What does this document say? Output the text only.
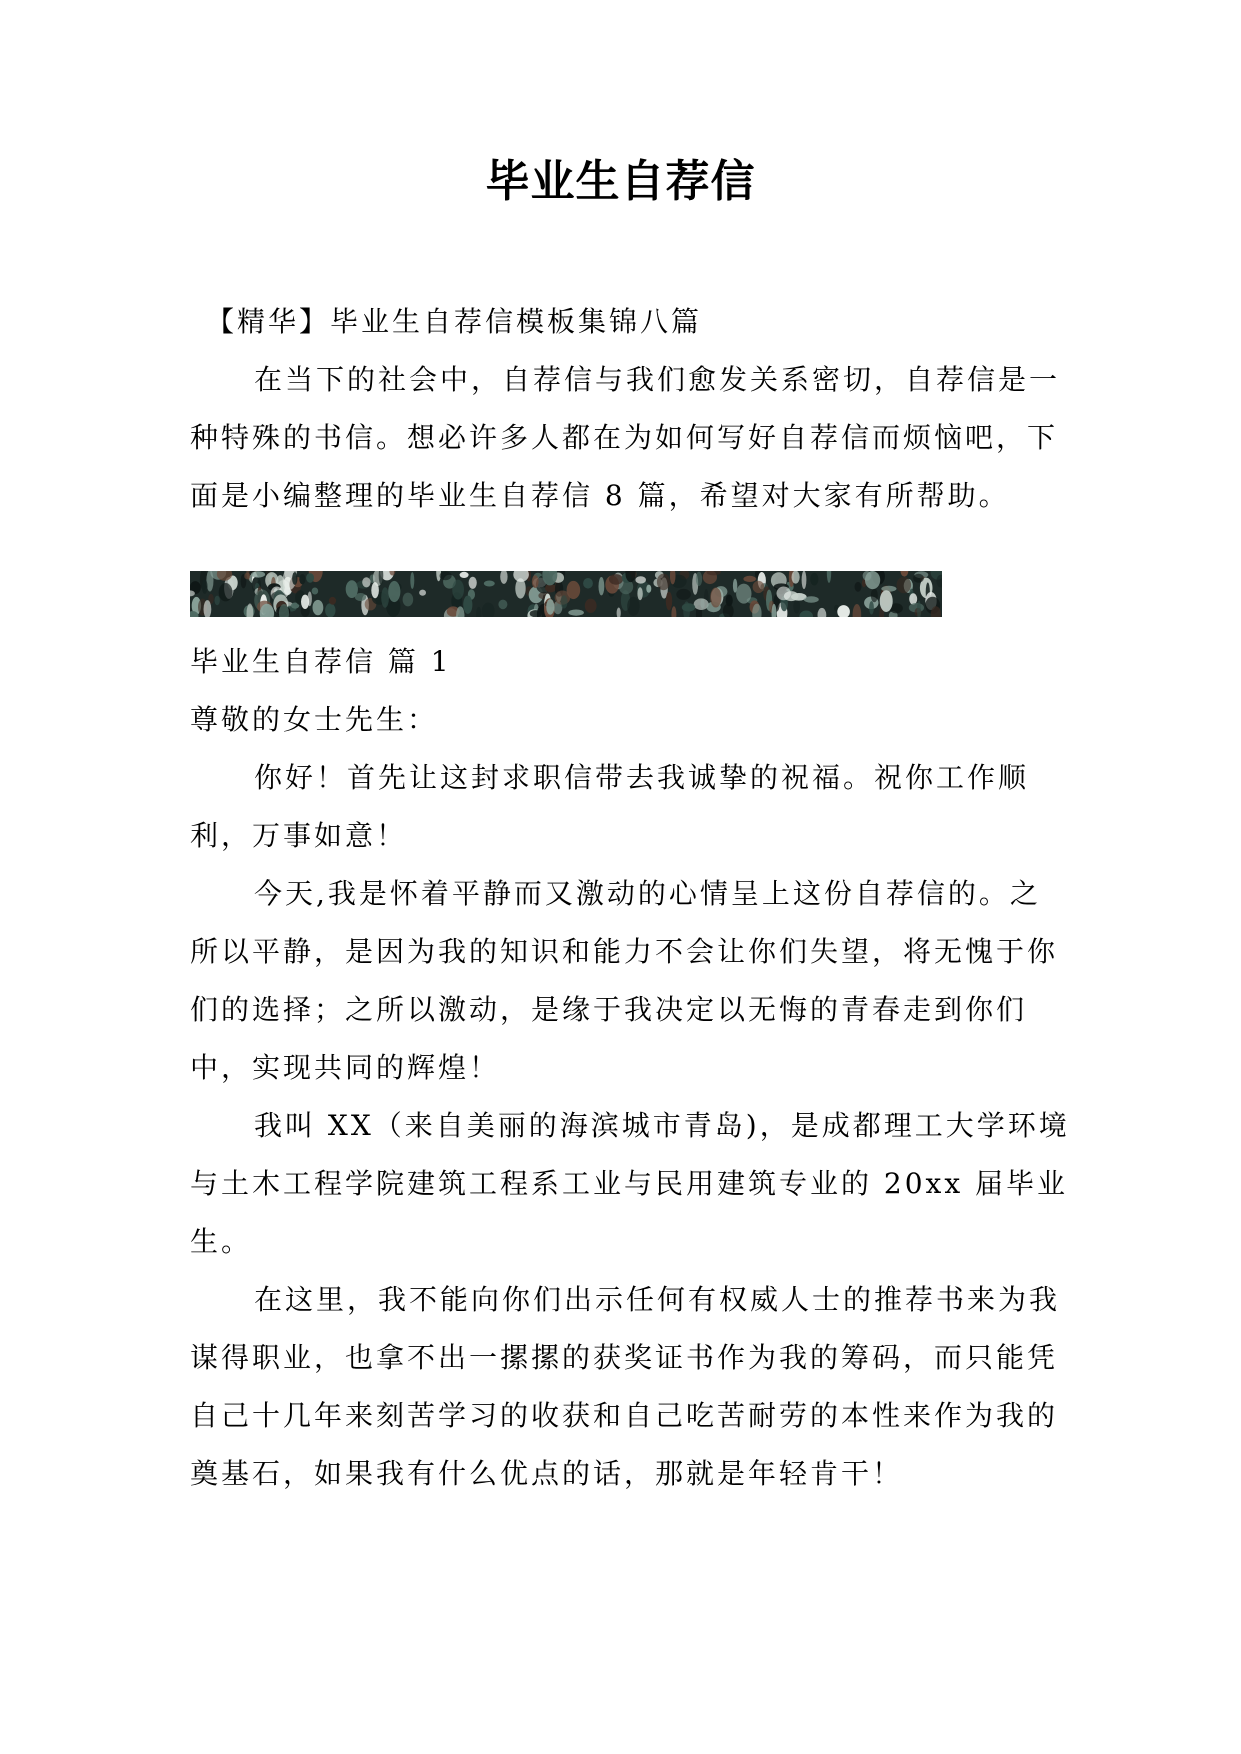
毕业生自荐信

【精华】毕业生自荐信模板集锦八篇

在当下的社会中，自荐信与我们愈发关系密切，自荐信是一种特殊的书信。想必许多人都在为如何写好自荐信而烦恼吧，下面是小编整理的毕业生自荐信 8 篇，希望对大家有所帮助。

毕业生自荐信 篇 1

尊敬的女士先生：

你好！首先让这封求职信带去我诚挚的祝福。祝你工作顺利，万事如意！

今天,我是怀着平静而又激动的心情呈上这份自荐信的。之所以平静，是因为我的知识和能力不会让你们失望，将无愧于你们的选择；之所以激动，是缘于我决定以无悔的青春走到你们中，实现共同的辉煌！

我叫 XX（来自美丽的海滨城市青岛)，是成都理工大学环境与土木工程学院建筑工程系工业与民用建筑专业的 20xx 届毕业生。

在这里，我不能向你们出示任何有权威人士的推荐书来为我谋得职业，也拿不出一摞摞的获奖证书作为我的筹码，而只能凭自己十几年来刻苦学习的收获和自己吃苦耐劳的本性来作为我的奠基石，如果我有什么优点的话，那就是年轻肯干！
